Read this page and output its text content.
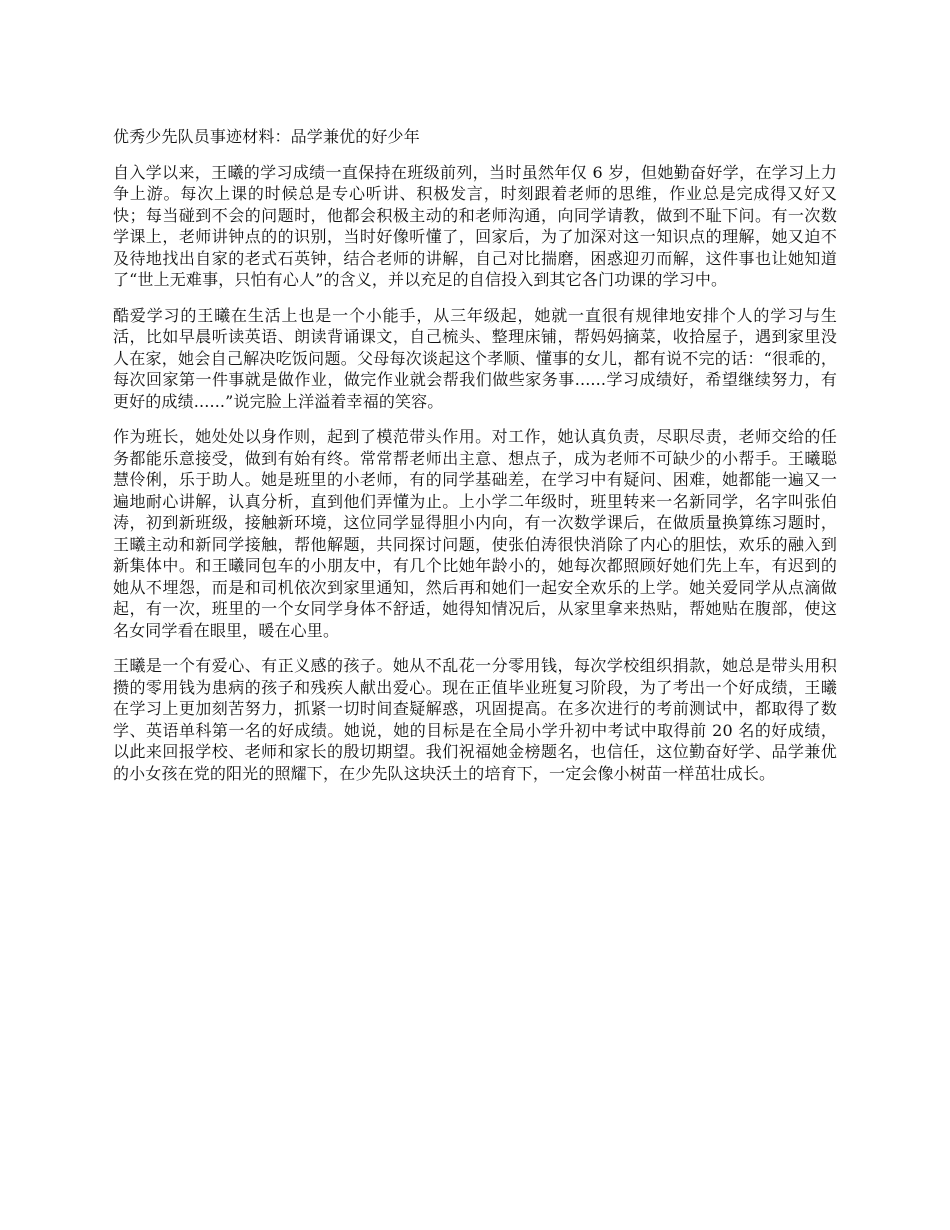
优秀少先队员事迹材料：品学兼优的好少年

自入学以来，王曦的学习成绩一直保持在班级前列，当时虽然年仅 6 岁，但她勤奋好学，在学习上力争上游。每次上课的时候总是专心听讲、积极发言，时刻跟着老师的思维，作业总是完成得又好又快；每当碰到不会的问题时，他都会积极主动的和老师沟通，向同学请教，做到不耻下问。有一次数学课上，老师讲钟点的的识别，当时好像听懂了，回家后，为了加深对这一知识点的理解，她又迫不及待地找出自家的老式石英钟，结合老师的讲解，自己对比揣磨，困惑迎刃而解，这件事也让她知道了“世上无难事，只怕有心人”的含义，并以充足的自信投入到其它各门功课的学习中。

酷爱学习的王曦在生活上也是一个小能手，从三年级起，她就一直很有规律地安排个人的学习与生活，比如早晨听读英语、朗读背诵课文，自己梳头、整理床铺，帮妈妈摘菜，收拾屋子，遇到家里没人在家，她会自己解决吃饭问题。父母每次谈起这个孝顺、懂事的女儿，都有说不完的话：“很乖的，每次回家第一件事就是做作业，做完作业就会帮我们做些家务事......学习成绩好，希望继续努力，有更好的成绩......”说完脸上洋溢着幸福的笑容。

作为班长，她处处以身作则，起到了模范带头作用。对工作，她认真负责，尽职尽责，老师交给的任务都能乐意接受，做到有始有终。常常帮老师出主意、想点子，成为老师不可缺少的小帮手。王曦聪慧伶俐，乐于助人。她是班里的小老师，有的同学基础差，在学习中有疑问、困难，她都能一遍又一遍地耐心讲解，认真分析，直到他们弄懂为止。上小学二年级时，班里转来一名新同学，名字叫张伯涛，初到新班级，接触新环境，这位同学显得胆小内向，有一次数学课后，在做质量换算练习题时，王曦主动和新同学接触，帮他解题，共同探讨问题，使张伯涛很快消除了内心的胆怯，欢乐的融入到新集体中。和王曦同包车的小朋友中，有几个比她年龄小的，她每次都照顾好她们先上车，有迟到的她从不埋怨，而是和司机依次到家里通知，然后再和她们一起安全欢乐的上学。她关爱同学从点滴做起，有一次，班里的一个女同学身体不舒适，她得知情况后，从家里拿来热贴，帮她贴在腹部，使这名女同学看在眼里，暖在心里。

王曦是一个有爱心、有正义感的孩子。她从不乱花一分零用钱，每次学校组织捐款，她总是带头用积攒的零用钱为患病的孩子和残疾人献出爱心。现在正值毕业班复习阶段，为了考出一个好成绩，王曦在学习上更加刻苦努力，抓紧一切时间查疑解惑，巩固提高。在多次进行的考前测试中，都取得了数学、英语单科第一名的好成绩。她说，她的目标是在全局小学升初中考试中取得前 20 名的好成绩，以此来回报学校、老师和家长的殷切期望。我们祝福她金榜题名，也信任，这位勤奋好学、品学兼优的小女孩在党的阳光的照耀下，在少先队这块沃土的培育下，一定会像小树苗一样茁壮成长。
